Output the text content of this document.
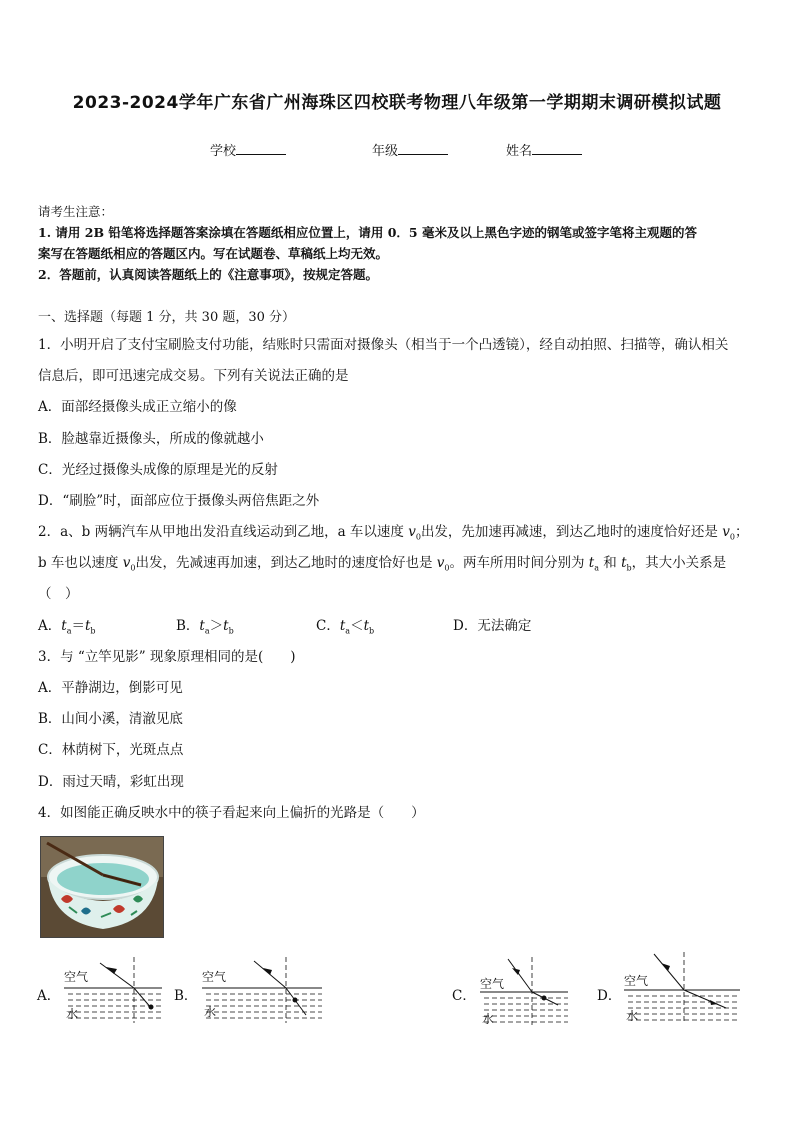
2023-2024学年广东省广州海珠区四校联考物理八年级第一学期期末调研模拟试题
学校	年级	姓名
请考生注意：
1. 请用 2B 铅笔将选择题答案涂填在答题纸相应位置上，请用 0．5 毫米及以上黑色字迹的钢笔或签字笔将主观题的答
案写在答题纸相应的答题区内。写在试题卷、草稿纸上均无效。
2．答题前，认真阅读答题纸上的《注意事项》，按规定答题。
一、选择题（每题 1 分，共 30 题，30 分）
1．小明开启了支付宝刷脸支付功能，结账时只需面对摄像头（相当于一个凸透镜），经自动拍照、扫描等，确认相关
信息后，即可迅速完成交易。下列有关说法正确的是
A．面部经摄像头成正立缩小的像
B．脸越靠近摄像头，所成的像就越小
C．光经过摄像头成像的原理是光的反射
D．“刷脸”时，面部应位于摄像头两倍焦距之外
2．a、b 两辆汽车从甲地出发沿直线运动到乙地，a 车以速度 $v_0$出发，先加速再减速，到达乙地时的速度恰好还是 $v_0$；
b 车也以速度 $v_0$出发，先减速再加速，到达乙地时的速度恰好也是 $v_0$。两车所用时间分别为 $t_a$ 和 $t_b$，其大小关系是
（　）
A．$t_a=t_b$	B．$t_a>t_b$	C．$t_a<t_b$	D．无法确定
3．与 “立竿见影” 现象原理相同的是(　　)
A．平静湖边，倒影可见
B．山间小溪，清澈见底
C．林荫树下，光斑点点
D．雨过天晴，彩虹出现
4．如图能正确反映水中的筷子看起来向上偏折的光路是（　　）
A．
空气
水
B．
空气
水
C．
空气
水
D．
空气
水
